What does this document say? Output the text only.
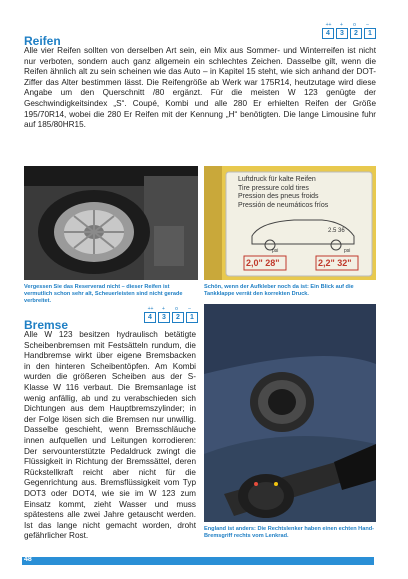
Reifen
++	+	o	–
4	3	2	1
Alle vier Reifen sollten von derselben Art sein, ein Mix aus Sommer- und Winterreifen ist nicht nur verboten, sondern auch ganz allgemein ein schlechtes Zeichen. Dasselbe gilt, wenn die Reifen ähnlich alt zu sein scheinen wie das Auto – in Kapitel 15 steht, wie sich anhand der DOT-Ziffer das Alter bestimmen lässt. Die Reifengröße ab Werk war 175R14, heutzutage wird diese Angabe um den Querschnitt /80 ergänzt. Für die meisten W 123 genügte der Geschwindigkeitsindex „S“. Coupé, Kombi und alle 280 Er erhielten Reifen der Größe 195/70R14, wobei die 280 Er Reifen mit der Kennung „H“ benötigten. Die lange Limousine fuhr auf 185/80HR15.
Luftdruck für kalte Reifen
Tire pressure cold tires
Pression des pneus froids
Pressión de neumáticos fríos
2.5 36
psi	psi
2,0" 28"	2,2" 32"
Vergessen Sie das Reserverad nicht – dieser Reifen ist vermutlich schon sehr alt, Scheuerleisten sind nicht gerade verbreitet.
Schön, wenn der Aufkleber noch da ist: Ein Blick auf die Tankklappe verrät den korrekten Druck.
Bremse
++	+	o	–
4	3	2	1
Alle W 123 besitzen hydraulisch betätigte Scheibenbremsen mit Festsätteln rundum, die Handbremse wirkt über eigene Bremsbacken in den hinteren Scheibentöpfen. Am Kombi wurden die größeren Scheiben aus der S-Klasse W 116 verbaut. Die Bremsanlage ist wenig anfällig, ab und zu verabschieden sich Dichtungen aus dem Hauptbremszylinder; in der Folge lösen sich die Bremsen nur unwillig. Dasselbe geschieht, wenn Bremsschläuche innen aufquellen und Leitungen korrodieren: Der servounterstützte Pedaldruck zwingt die Flüssigkeit in Richtung der Bremssättel, deren Rückstellkraft reicht aber nicht für die Gegenrichtung aus. Bremsflüssigkeit vom Typ DOT3 oder DOT4, wie sie im W 123 zum Einsatz kommt, zieht Wasser und muss spätestens alle zwei Jahre getauscht werden. Ist das lange nicht gemacht worden, droht gefährlicher Rost.
England ist anders: Die Rechtslenker haben einen echten Hand-Bremsgriff rechts vom Lenkrad.
48
